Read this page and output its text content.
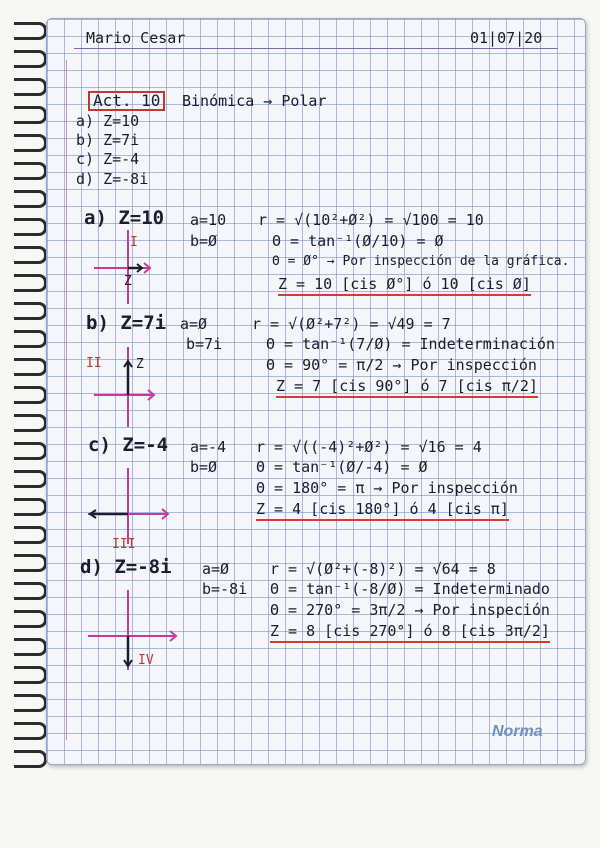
Mario Cesar	01|07|20
Act. 10	Binómica → Polar
a) Z=10
b) Z=7i
c) Z=-4
d) Z=-8i
a) Z=10 a=10
b=Ø
r = √(10²+Ø²) = √100 = 10
Θ = tan⁻¹(Ø/10) = Ø
Θ = Ø° → Por inspección de la gráfica.
Z = 10 [cis Ø°] ó 10 [cis Ø]
I
Z
b) Z=7i a=Ø
b=7i
r = √(Ø²+7²) = √49 = 7
Θ = tan⁻¹(7/Ø) = Indeterminación
Θ = 90° = π/2 → Por inspección
Z = 7 [cis 90°] ó 7 [cis π/2]
II	Z
c) Z=-4 a=-4
b=Ø
r = √((-4)²+Ø²) = √16 = 4
Θ = tan⁻¹(Ø/-4) = Ø
Θ = 180° = π → Por inspección
Z = 4 [cis 180°] ó 4 [cis π]
III
d) Z=-8i a=Ø
b=-8i
r = √(Ø²+(-8)²) = √64 = 8
Θ = tan⁻¹(-8/Ø) = Indeterminado
Θ = 270° = 3π/2 → Por inspeción
Z = 8 [cis 270°] ó 8 [cis 3π/2]
IV
Norma
